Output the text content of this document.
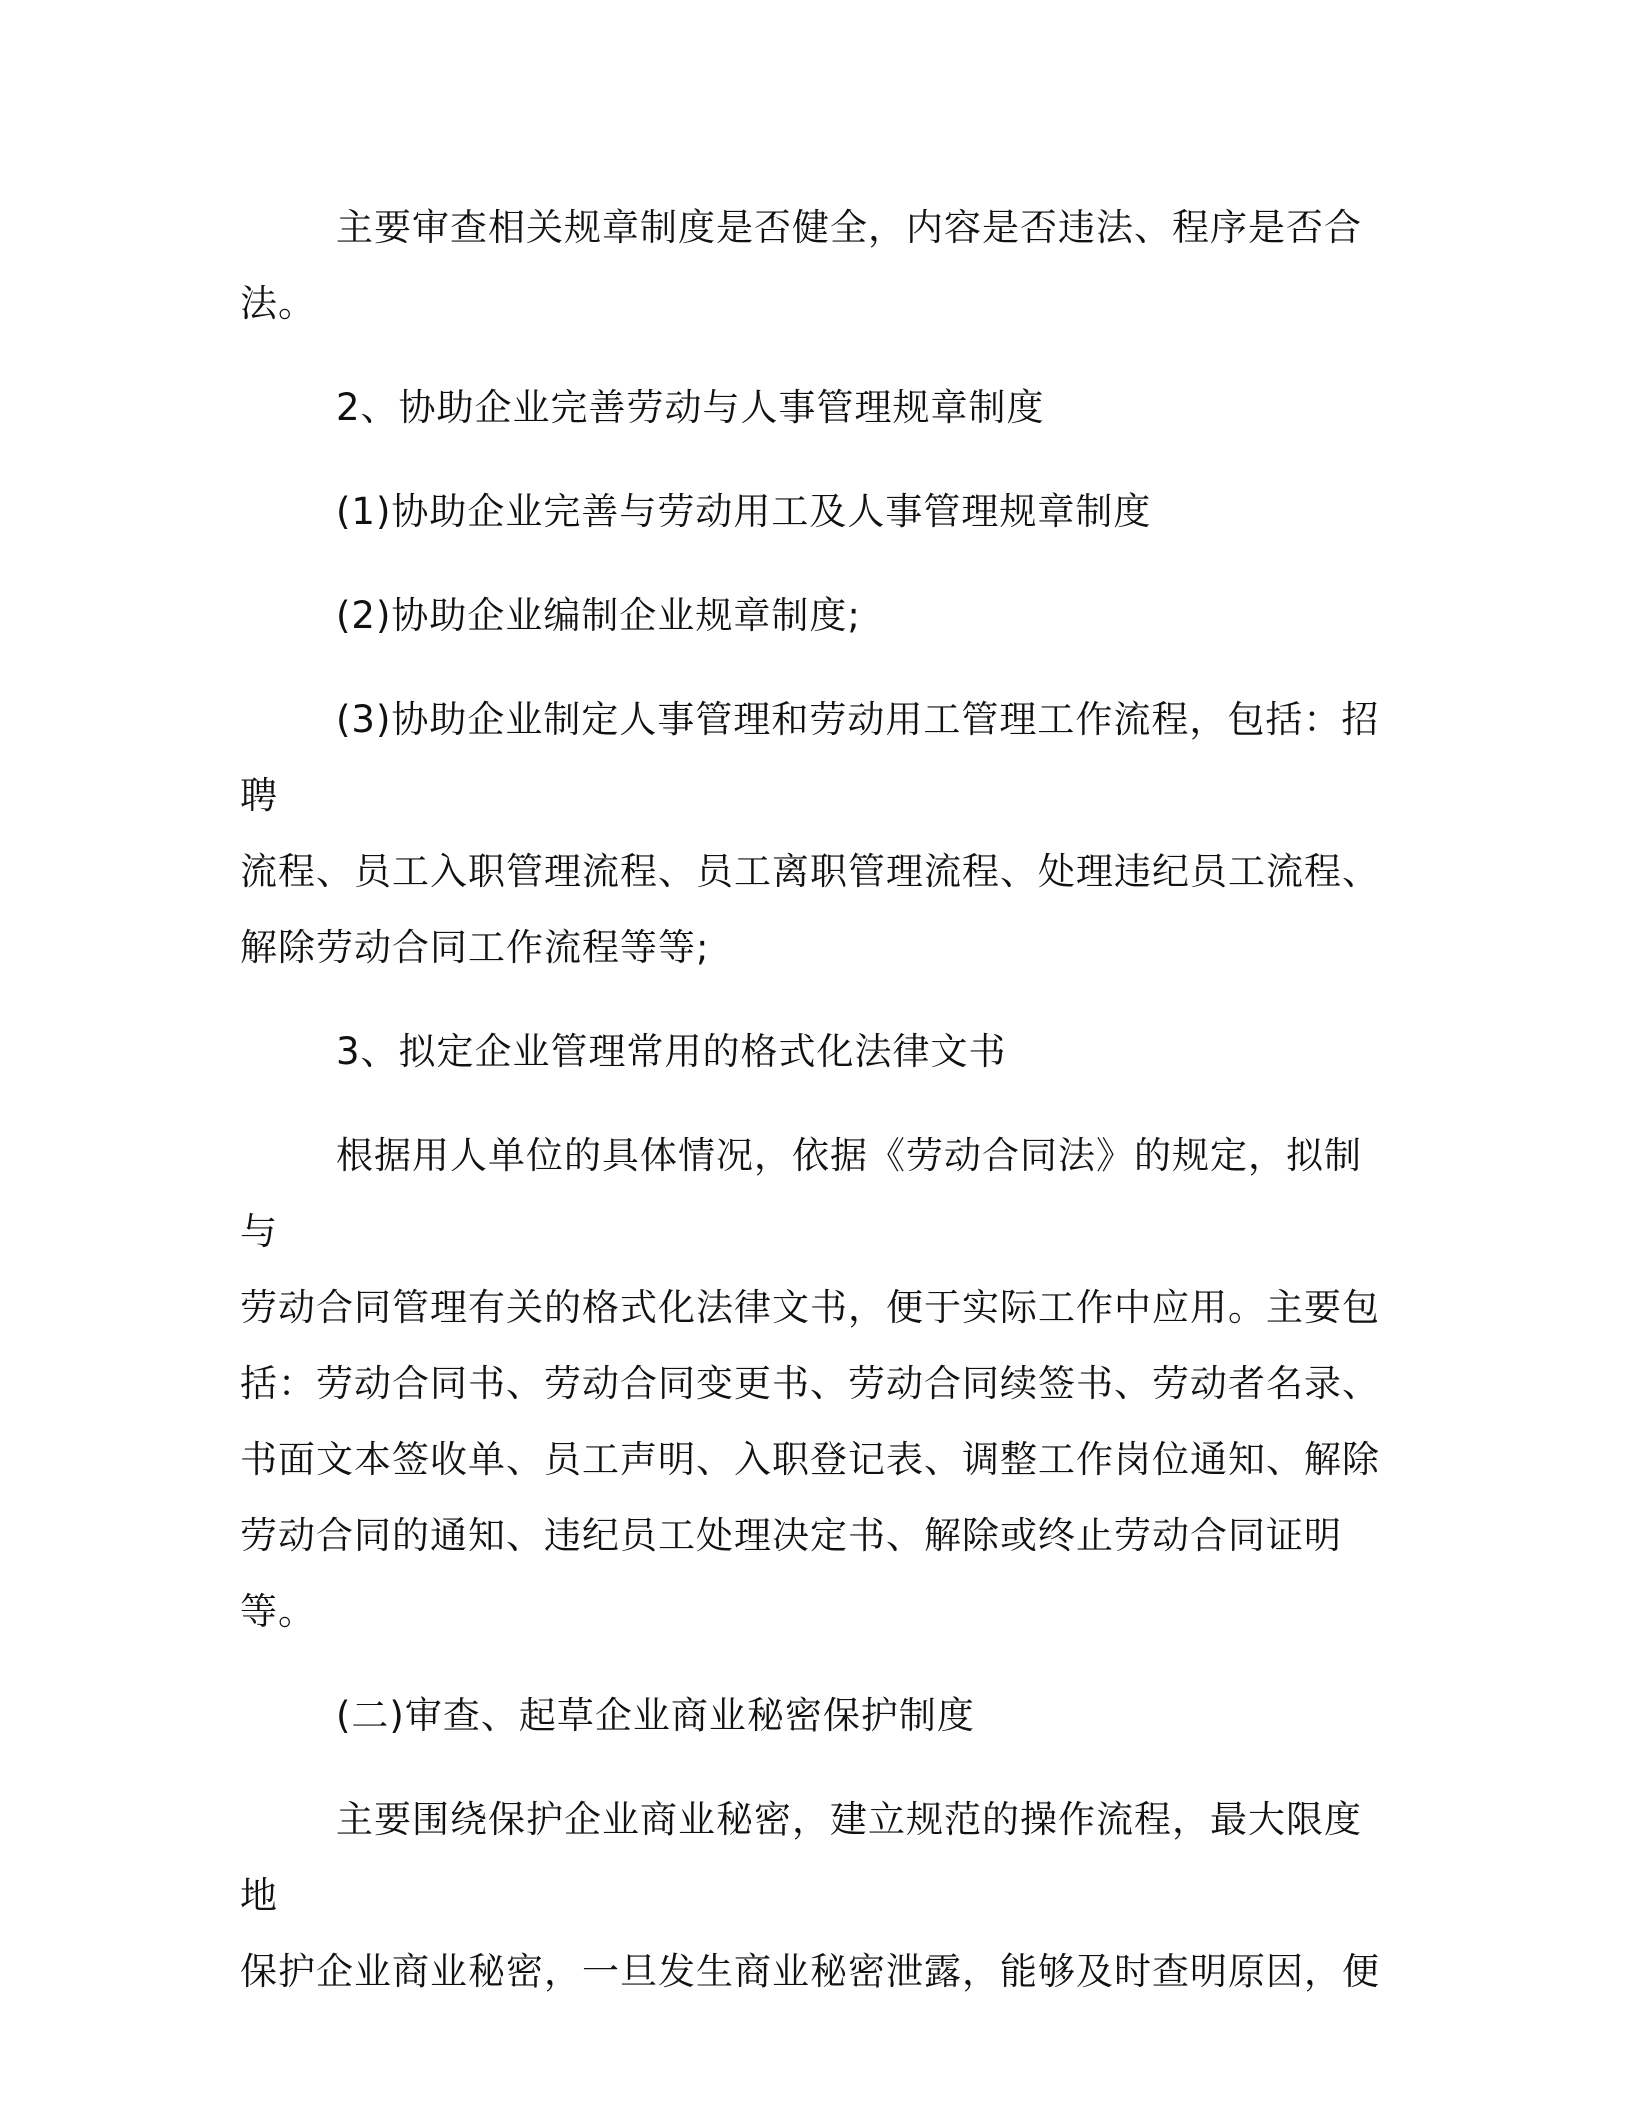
主要审查相关规章制度是否健全，内容是否违法、程序是否合
法。

2、协助企业完善劳动与人事管理规章制度

(1)协助企业完善与劳动用工及人事管理规章制度

(2)协助企业编制企业规章制度;

(3)协助企业制定人事管理和劳动用工管理工作流程，包括：招聘
流程、员工入职管理流程、员工离职管理流程、处理违纪员工流程、
解除劳动合同工作流程等等;

3、拟定企业管理常用的格式化法律文书

根据用人单位的具体情况，依据《劳动合同法》的规定，拟制与
劳动合同管理有关的格式化法律文书，便于实际工作中应用。主要包
括：劳动合同书、劳动合同变更书、劳动合同续签书、劳动者名录、
书面文本签收单、员工声明、入职登记表、调整工作岗位通知、解除
劳动合同的通知、违纪员工处理决定书、解除或终止劳动合同证明
等。

(二)审查、起草企业商业秘密保护制度

主要围绕保护企业商业秘密，建立规范的操作流程，最大限度地
保护企业商业秘密，一旦发生商业秘密泄露，能够及时查明原因，便
